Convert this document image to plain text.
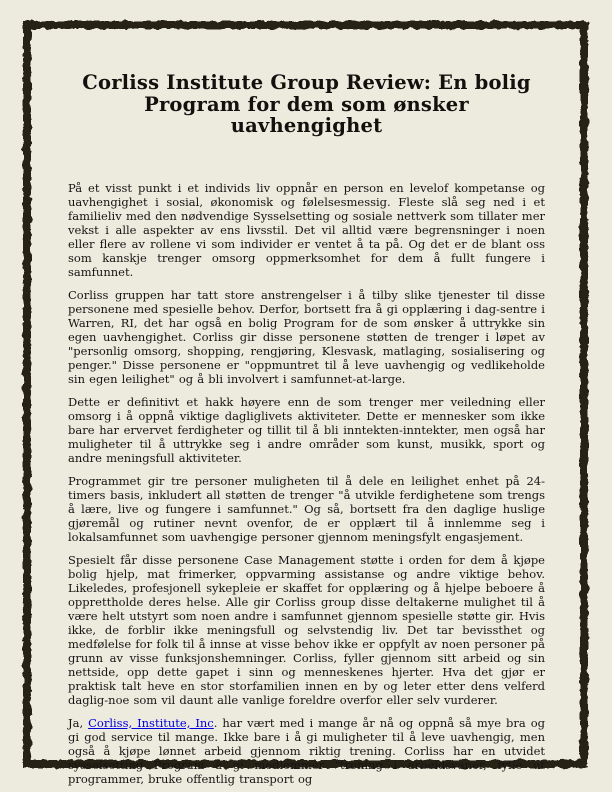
Corliss Institute Group Review: En bolig Program for dem som ønsker uavhengighet

På et visst punkt i et individs liv oppnår en person en levelof kompetanse og uavhengighet i sosial, økonomisk og følelsesmessig. Fleste slå seg ned i et familieliv med den nødvendige Sysselsetting og sosiale nettverk som tillater mer vekst i alle aspekter av ens livsstil. Det vil alltid være begrensninger i noen eller flere av rollene vi som individer er ventet å ta på. Og det er de blant oss som kanskje trenger omsorg oppmerksomhet for dem å fullt fungere i samfunnet.

Corliss gruppen har tatt store anstrengelser i å tilby slike tjenester til disse personene med spesielle behov. Derfor, bortsett fra å gi opplæring i dag-sentre i Warren, RI, det har også en bolig Program for de som ønsker å uttrykke sin egen uavhengighet. Corliss gir disse personene støtten de trenger i løpet av "personlig omsorg, shopping, rengjøring, Klesvask, matlaging, sosialisering og penger." Disse personene er "oppmuntret til å leve uavhengig og vedlikeholde sin egen leilighet" og å bli involvert i samfunnet-at-large.

Dette er definitivt et hakk høyere enn de som trenger mer veiledning eller omsorg i å oppnå viktige dagliglivets aktiviteter. Dette er mennesker som ikke bare har ervervet ferdigheter og tillit til å bli inntekten-inntekter, men også har muligheter til å uttrykke seg i andre områder som kunst, musikk, sport og andre meningsfull aktiviteter.

Programmet gir tre personer muligheten til å dele en leilighet enhet på 24-timers basis, inkludert all støtten de trenger "å utvikle ferdighetene som trengs å lære, live og fungere i samfunnet." Og så, bortsett fra den daglige huslige gjøremål og rutiner nevnt ovenfor, de er opplært til å innlemme seg i lokalsamfunnet som uavhengige personer gjennom meningsfylt engasjement.

Spesielt får disse personene Case Management støtte i orden for dem å kjøpe bolig hjelp, mat frimerker, oppvarming assistanse og andre viktige behov. Likeledes, profesjonell sykepleie er skaffet for opplæring og å hjelpe beboere å opprettholde deres helse. Alle gir Corliss group disse deltakerne mulighet til å være helt utstyrt som noen andre i samfunnet gjennom spesielle støtte gir. Hvis ikke, de forblir ikke meningsfull og selvstendig liv. Det tar bevissthet og medfølelse for folk til å innse at visse behov ikke er oppfylt av noen personer på grunn av visse funksjonshemninger. Corliss, fyller gjennom sitt arbeid og sin nettside, opp dette gapet i sinn og menneskenes hjerter. Hva det gjør er praktisk talt heve en stor storfamilien innen en by og leter etter dens velferd daglig-noe som vil daunt alle vanlige foreldre overfor eller selv vurderer.

Ja, Corliss, Institute, Inc. har vært med i mange år nå og oppnå så mye bra og gi god service til mange. Ikke bare i å gi muligheter til å leve uavhengig, men også å kjøpe lønnet arbeid gjennom riktig trening. Corliss har en utvidet sysselsetting Program å gi medlemmer "trening i arbeidsvaner, fylle ut programmer, bruke offentlig transport og
